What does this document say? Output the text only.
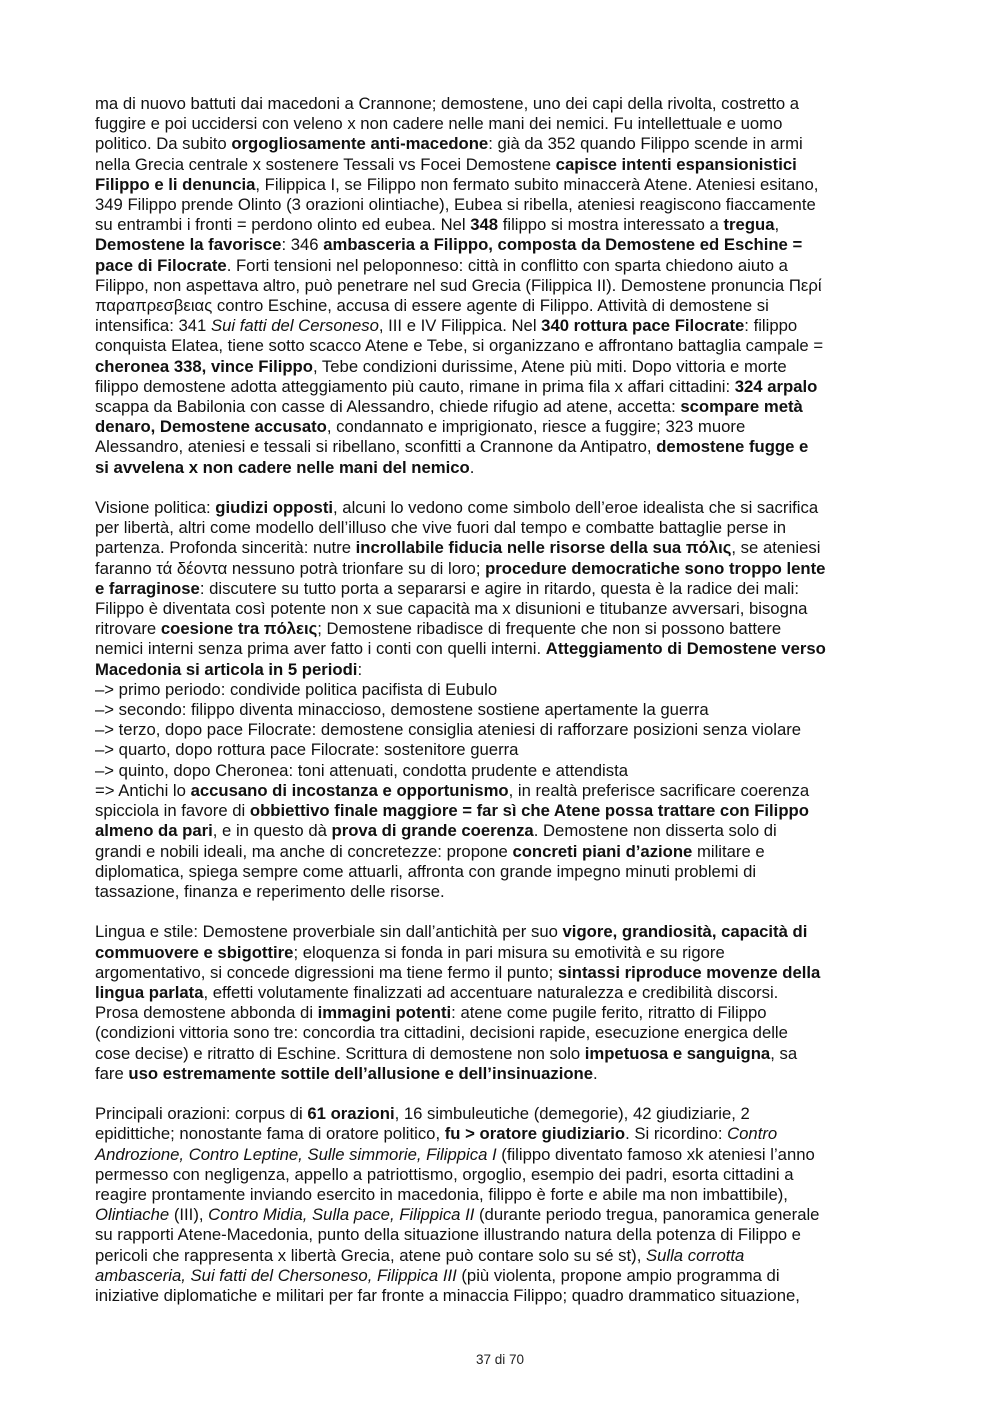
ma di nuovo battuti dai macedoni a Crannone; demostene, uno dei capi della rivolta, costretto a
fuggire e poi uccidersi con veleno x non cadere nelle mani dei nemici. Fu intellettuale e uomo
politico. Da subito orgogliosamente anti-macedone: già da 352 quando Filippo scende in armi
nella Grecia centrale x sostenere Tessali vs Focei Demostene capisce intenti espansionistici
Filippo e li denuncia, Filippica I, se Filippo non fermato subito minaccerà Atene. Ateniesi esitano,
349 Filippo prende Olinto (3 orazioni olintiache), Eubea si ribella, ateniesi reagiscono fiaccamente
su entrambi i fronti = perdono olinto ed eubea. Nel 348 filippo si mostra interessato a tregua,
Demostene la favorisce: 346 ambasceria a Filippo, composta da Demostene ed Eschine =
pace di Filocrate. Forti tensioni nel peloponneso: città in conflitto con sparta chiedono aiuto a
Filippo, non aspettava altro, può penetrare nel sud Grecia (Filippica II). Demostene pronuncia Περί
παραπρεσβειας contro Eschine, accusa di essere agente di Filippo. Attività di demostene si
intensifica: 341 Sui fatti del Cersoneso, III e IV Filippica. Nel 340 rottura pace Filocrate: filippo
conquista Elatea, tiene sotto scacco Atene e Tebe, si organizzano e affrontano battaglia campale =
cheronea 338, vince Filippo, Tebe condizioni durissime, Atene più miti. Dopo vittoria e morte
filippo demostene adotta atteggiamento più cauto, rimane in prima fila x affari cittadini: 324 arpalo
scappa da Babilonia con casse di Alessandro, chiede rifugio ad atene, accetta: scompare metà
denaro, Demostene accusato, condannato e imprigionato, riesce a fuggire; 323 muore
Alessandro, ateniesi e tessali si ribellano, sconfitti a Crannone da Antipatro, demostene fugge e
si avvelena x non cadere nelle mani del nemico.
Visione politica: giudizi opposti, alcuni lo vedono come simbolo dell’eroe idealista che si sacrifica
per libertà, altri come modello dell’illuso che vive fuori dal tempo e combatte battaglie perse in
partenza. Profonda sincerità: nutre incrollabile fiducia nelle risorse della sua πόλις, se ateniesi
faranno τά δέοντα nessuno potrà trionfare su di loro; procedure democratiche sono troppo lente
e farraginose: discutere su tutto porta a separarsi e agire in ritardo, questa è la radice dei mali:
Filippo è diventata così potente non x sue capacità ma x disunioni e titubanze avversari, bisogna
ritrovare coesione tra πόλεις; Demostene ribadisce di frequente che non si possono battere
nemici interni senza prima aver fatto i conti con quelli interni. Atteggiamento di Demostene verso
Macedonia si articola in 5 periodi:
–> primo periodo: condivide politica pacifista di Eubulo
–> secondo: filippo diventa minaccioso, demostene sostiene apertamente la guerra
–> terzo, dopo pace Filocrate: demostene consiglia ateniesi di rafforzare posizioni senza violare
–> quarto, dopo rottura pace Filocrate: sostenitore guerra
–> quinto, dopo Cheronea: toni attenuati, condotta prudente e attendista
=> Antichi lo accusano di incostanza e opportunismo, in realtà preferisce sacrificare coerenza
spicciola in favore di obbiettivo finale maggiore = far sì che Atene possa trattare con Filippo
almeno da pari, e in questo dà prova di grande coerenza. Demostene non disserta solo di
grandi e nobili ideali, ma anche di concretezze: propone concreti piani d’azione militare e
diplomatica, spiega sempre come attuarli, affronta con grande impegno minuti problemi di
tassazione, finanza e reperimento delle risorse.
Lingua e stile: Demostene proverbiale sin dall’antichità per suo vigore, grandiosità, capacità di
commuovere e sbigottire; eloquenza si fonda in pari misura su emotività e su rigore
argomentativo, si concede digressioni ma tiene fermo il punto; sintassi riproduce movenze della
lingua parlata, effetti volutamente finalizzati ad accentuare naturalezza e credibilità discorsi.
Prosa demostene abbonda di immagini potenti: atene come pugile ferito, ritratto di Filippo
(condizioni vittoria sono tre: concordia tra cittadini, decisioni rapide, esecuzione energica delle
cose decise) e ritratto di Eschine. Scrittura di demostene non solo impetuosa e sanguigna, sa
fare uso estremamente sottile dell’allusione e dell’insinuazione.
Principali orazioni: corpus di 61 orazioni, 16 simbuleutiche (demegorie), 42 giudiziarie, 2
epidittiche; nonostante fama di oratore politico, fu > oratore giudiziario. Si ricordino: Contro
Androzione, Contro Leptine, Sulle simmorie, Filippica I (filippo diventato famoso xk ateniesi l’anno
permesso con negligenza, appello a patriottismo, orgoglio, esempio dei padri, esorta cittadini a
reagire prontamente inviando esercito in macedonia, filippo è forte e abile ma non imbattibile),
Olintiache (III), Contro Midia, Sulla pace, Filippica II (durante periodo tregua, panoramica generale
su rapporti Atene-Macedonia, punto della situazione illustrando natura della potenza di Filippo e
pericoli che rappresenta x libertà Grecia, atene può contare solo su sé st), Sulla corrotta
ambasceria, Sui fatti del Chersoneso, Filippica III (più violenta, propone ampio programma di
iniziative diplomatiche e militari per far fronte a minaccia Filippo; quadro drammatico situazione,
37 di 70
